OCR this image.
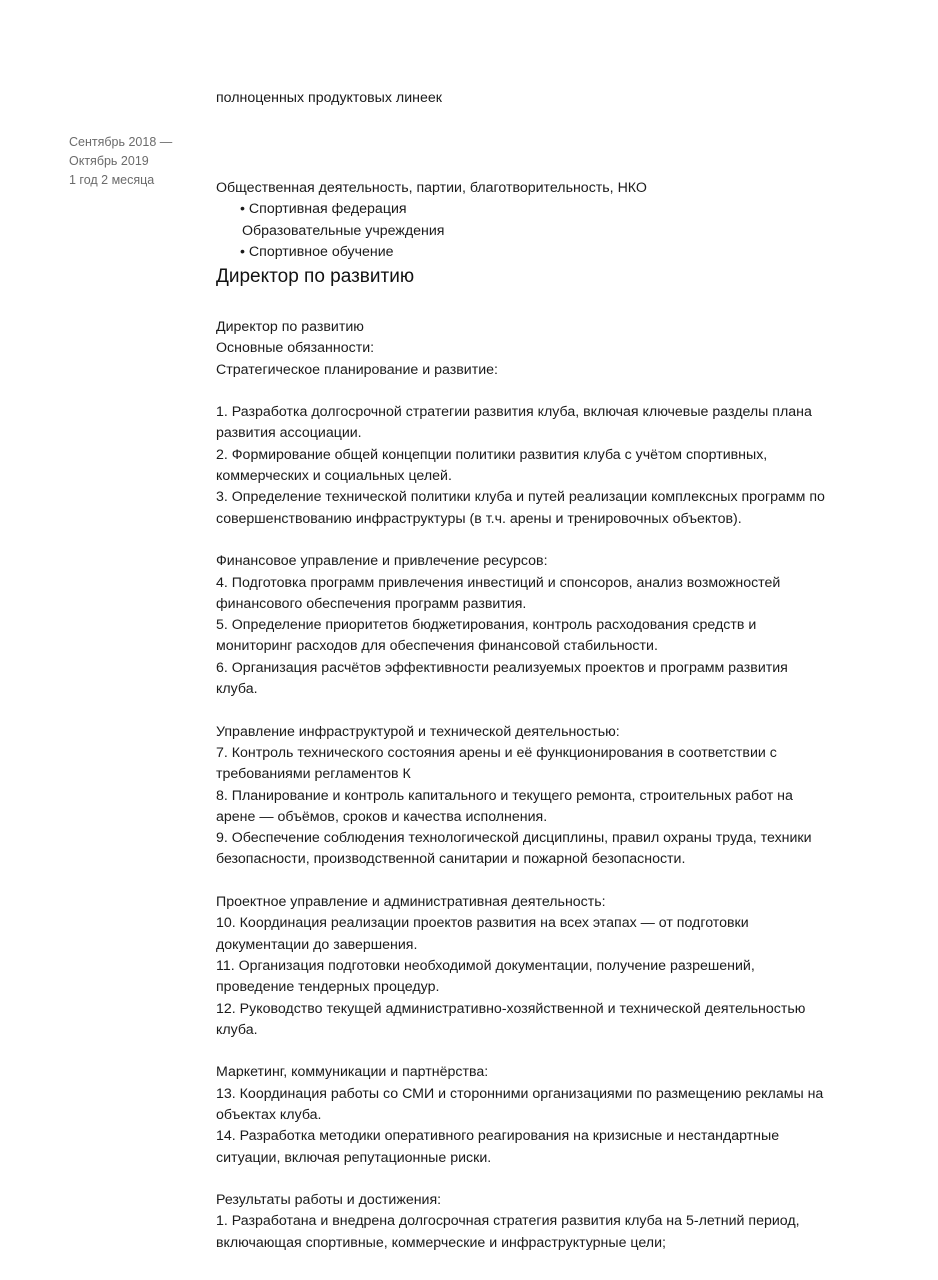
полноценных продуктовых линеек
Сентябрь 2018 —
Октябрь 2019
1 год 2 месяца	Общественная деятельность, партии, благотворительность, НКО
• Спортивная федерация
Образовательные учреждения
• Спортивное обучение
Директор по развитию
Директор по развитию
Основные обязанности:
Стратегическое планирование и развитие:
1. Разработка долгосрочной стратегии развития клуба, включая ключевые разделы плана
развития ассоциации.
2. Формирование общей концепции политики развития клуба с учётом спортивных,
коммерческих и социальных целей.
3. Определение технической политики клуба и путей реализации комплексных программ по
совершенствованию инфраструктуры (в т.ч. арены и тренировочных объектов).
Финансовое управление и привлечение ресурсов:
4. Подготовка программ привлечения инвестиций и спонсоров, анализ возможностей
финансового обеспечения программ развития.
5. Определение приоритетов бюджетирования, контроль расходования средств и
мониторинг расходов для обеспечения финансовой стабильности.
6. Организация расчётов эффективности реализуемых проектов и программ развития
клуба.
Управление инфраструктурой и технической деятельностью:
7. Контроль технического состояния арены и её функционирования в соответствии с
требованиями регламентов К
8. Планирование и контроль капитального и текущего ремонта, строительных работ на
арене — объёмов, сроков и качества исполнения.
9. Обеспечение соблюдения технологической дисциплины, правил охраны труда, техники
безопасности, производственной санитарии и пожарной безопасности.
Проектное управление и административная деятельность:
10. Координация реализации проектов развития на всех этапах — от подготовки
документации до завершения.
11. Организация подготовки необходимой документации, получение разрешений,
проведение тендерных процедур.
12. Руководство текущей административно-хозяйственной и технической деятельностью
клуба.
Маркетинг, коммуникации и партнёрства:
13. Координация работы со СМИ и сторонними организациями по размещению рекламы на
объектах клуба.
14. Разработка методики оперативного реагирования на кризисные и нестандартные
ситуации, включая репутационные риски.
Результаты работы и достижения:
1. Разработана и внедрена долгосрочная стратегия развития клуба на 5-летний период,
включающая спортивные, коммерческие и инфраструктурные цели;
